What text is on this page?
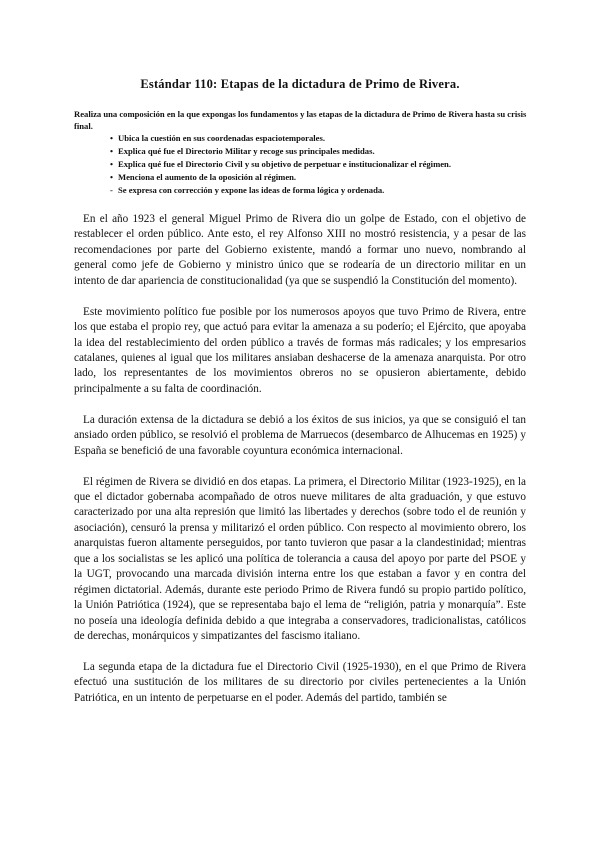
Estándar 110: Etapas de la dictadura de Primo de Rivera.

Realiza una composición en la que expongas los fundamentos y las etapas de la dictadura de Primo de Rivera hasta su crisis final.

• Ubica la cuestión en sus coordenadas espaciotemporales.
• Explica qué fue el Directorio Militar y recoge sus principales medidas.
• Explica qué fue el Directorio Civil y su objetivo de perpetuar e institucionalizar el régimen.
• Menciona el aumento de la oposición al régimen.
- Se expresa con corrección y expone las ideas de forma lógica y ordenada.

En el año 1923 el general Miguel Primo de Rivera dio un golpe de Estado, con el objetivo de restablecer el orden público. Ante esto, el rey Alfonso XIII no mostró resistencia, y a pesar de las recomendaciones por parte del Gobierno existente, mandó a formar uno nuevo, nombrando al general como jefe de Gobierno y ministro único que se rodearía de un directorio militar en un intento de dar apariencia de constitucionalidad (ya que se suspendió la Constitución del momento).

Este movimiento político fue posible por los numerosos apoyos que tuvo Primo de Rivera, entre los que estaba el propio rey, que actuó para evitar la amenaza a su poderío; el Ejército, que apoyaba la idea del restablecimiento del orden público a través de formas más radicales; y los empresarios catalanes, quienes al igual que los militares ansiaban deshacerse de la amenaza anarquista. Por otro lado, los representantes de los movimientos obreros no se opusieron abiertamente, debido principalmente a su falta de coordinación.

La duración extensa de la dictadura se debió a los éxitos de sus inicios, ya que se consiguió el tan ansiado orden público, se resolvió el problema de Marruecos (desembarco de Alhucemas en 1925) y España se benefició de una favorable coyuntura económica internacional.

El régimen de Rivera se dividió en dos etapas. La primera, el Directorio Militar (1923-1925), en la que el dictador gobernaba acompañado de otros nueve militares de alta graduación, y que estuvo caracterizado por una alta represión que limitó las libertades y derechos (sobre todo el de reunión y asociación), censuró la prensa y militarizó el orden público. Con respecto al movimiento obrero, los anarquistas fueron altamente perseguidos, por tanto tuvieron que pasar a la clandestinidad; mientras que a los socialistas se les aplicó una política de tolerancia a causa del apoyo por parte del PSOE y la UGT, provocando una marcada división interna entre los que estaban a favor y en contra del régimen dictatorial. Además, durante este periodo Primo de Rivera fundó su propio partido político, la Unión Patriótica (1924), que se representaba bajo el lema de “religión, patria y monarquía”. Este no poseía una ideología definida debido a que integraba a conservadores, tradicionalistas, católicos de derechas, monárquicos y simpatizantes del fascismo italiano.

La segunda etapa de la dictadura fue el Directorio Civil (1925-1930), en el que Primo de Rivera efectuó una sustitución de los militares de su directorio por civiles pertenecientes a la Unión Patriótica, en un intento de perpetuarse en el poder. Además del partido, también se
